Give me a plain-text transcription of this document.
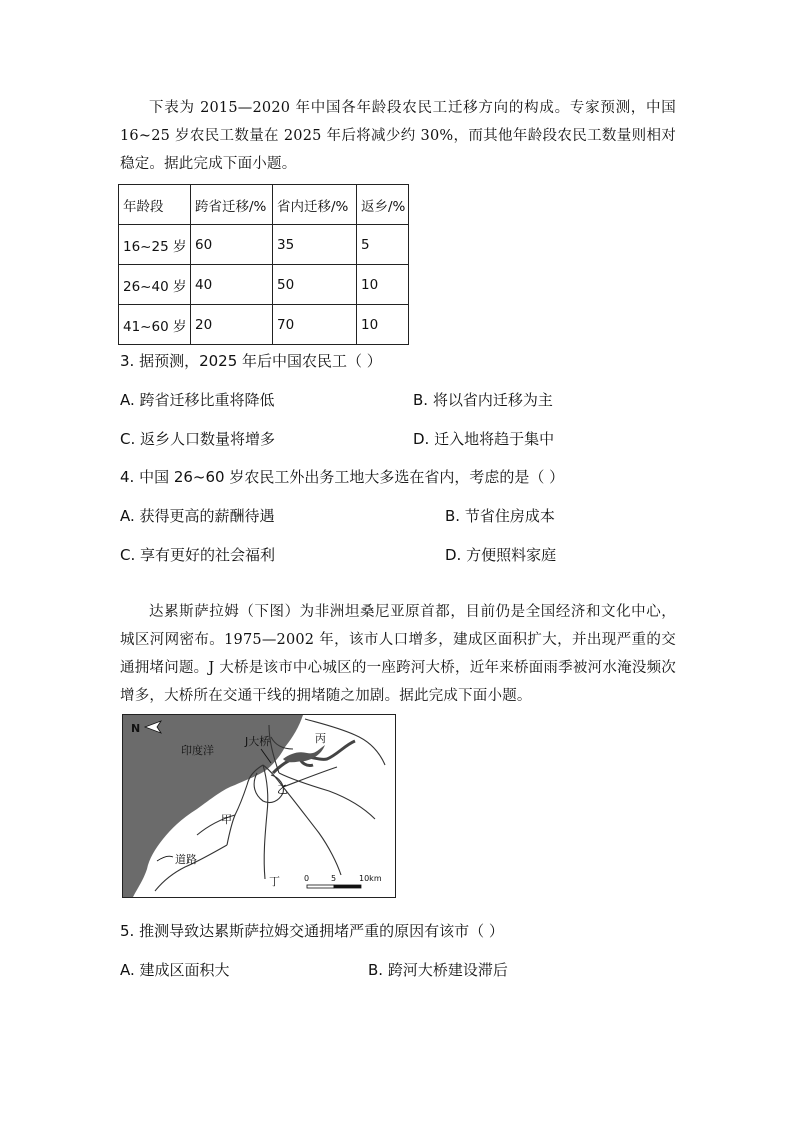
下表为 2015—2020 年中国各年龄段农民工迁移方向的构成。专家预测，中国 16~25 岁农民工数量在 2025 年后将减少约 30%，而其他年龄段农民工数量则相对稳定。据此完成下面小题。

年龄段	跨省迁移/%	省内迁移/%	返乡/%
16~25 岁	60	35	5
26~40 岁	40	50	10
41~60 岁	20	70	10

3. 据预测，2025 年后中国农民工（ ）

A. 跨省迁移比重将降低	B. 将以省内迁移为主

C. 返乡人口数量将增多	D. 迁入地将趋于集中

4. 中国 26~60 岁农民工外出务工地大多选在省内，考虑的是（ ）

A. 获得更高的薪酬待遇	B. 节省住房成本

C. 享有更好的社会福利	D. 方便照料家庭

达累斯萨拉姆（下图）为非洲坦桑尼亚原首都，目前仍是全国经济和文化中心，城区河网密布。1975—2002 年，该市人口增多，建成区面积扩大，并出现严重的交通拥堵问题。J 大桥是该市中心城区的一座跨河大桥，近年来桥面雨季被河水淹没频次增多，大桥所在交通干线的拥堵随之加剧。据此完成下面小题。

N
印度洋
J大桥	丙
乙
甲
道路
丁	0	5	10km

5. 推测导致达累斯萨拉姆交通拥堵严重的原因有该市（ ）

A. 建成区面积大	B. 跨河大桥建设滞后
